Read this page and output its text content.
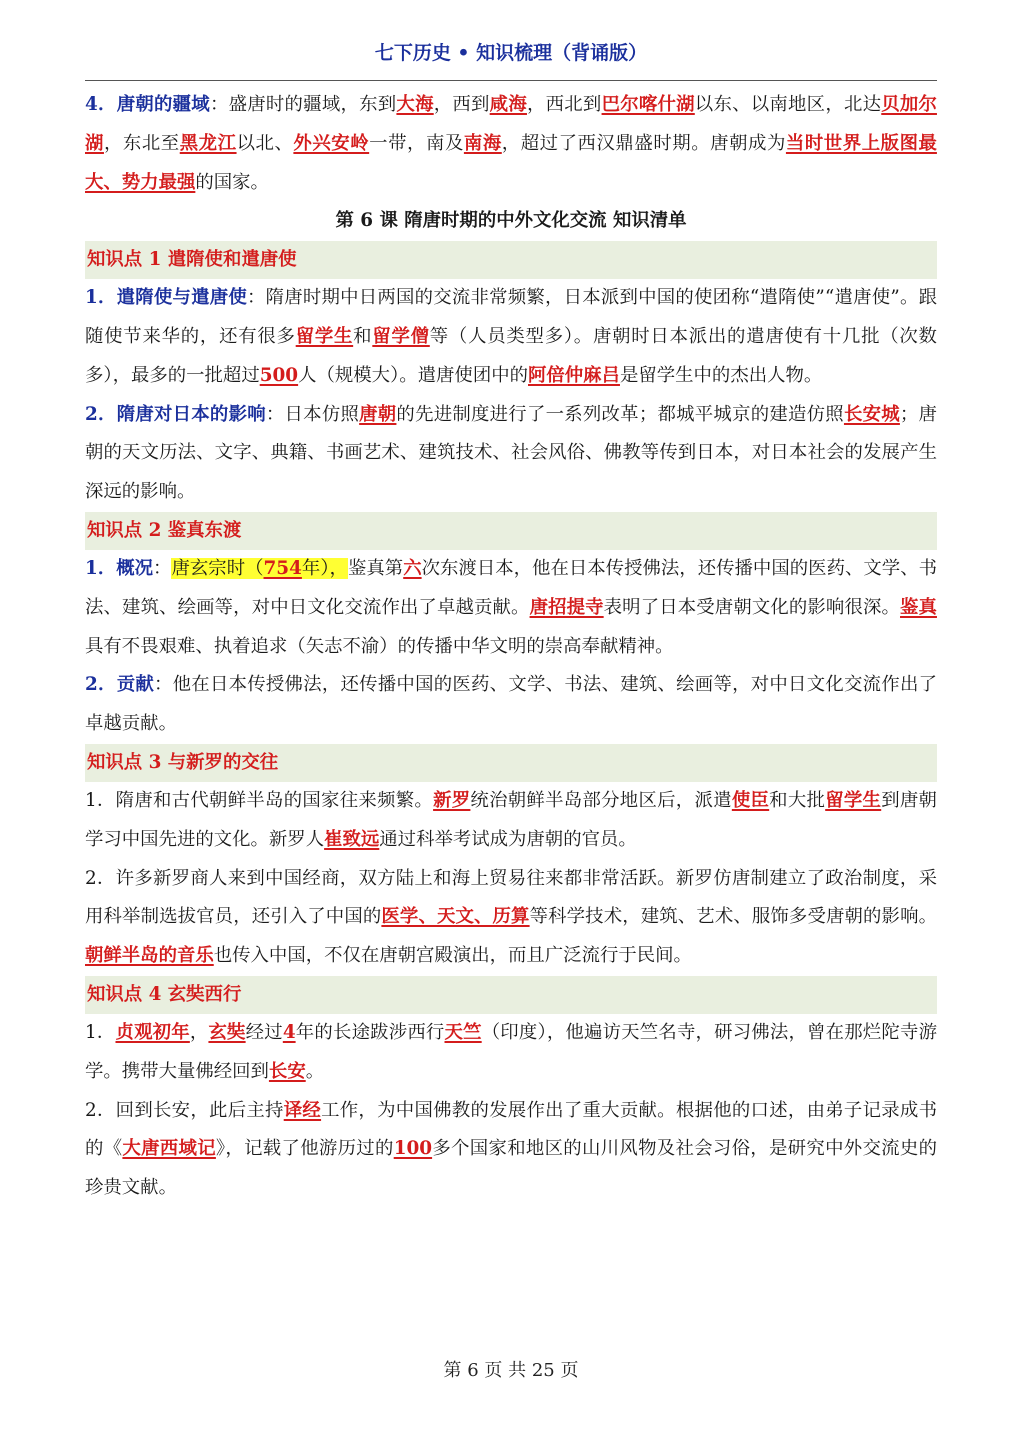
七下历史 • 知识梳理（背诵版）

4．唐朝的疆域：盛唐时的疆域，东到大海，西到咸海，西北到巴尔喀什湖以东、以南地区，北达贝加尔湖，东北至黑龙江以北、外兴安岭一带，南及南海，超过了西汉鼎盛时期。唐朝成为当时世界上版图最大、势力最强的国家。

第 6 课 隋唐时期的中外文化交流 知识清单
知识点 1 遣隋使和遣唐使

1．遣隋使与遣唐使：隋唐时期中日两国的交流非常频繁，日本派到中国的使团称“遣隋使”“遣唐使”。跟随使节来华的，还有很多留学生和留学僧等（人员类型多）。唐朝时日本派出的遣唐使有十几批（次数多），最多的一批超过500人（规模大）。遣唐使团中的阿倍仲麻吕是留学生中的杰出人物。

2．隋唐对日本的影响：日本仿照唐朝的先进制度进行了一系列改革；都城平城京的建造仿照长安城；唐朝的天文历法、文字、典籍、书画艺术、建筑技术、社会风俗、佛教等传到日本，对日本社会的发展产生深远的影响。

知识点 2 鉴真东渡

1．概况：唐玄宗时（754年），鉴真第六次东渡日本，他在日本传授佛法，还传播中国的医药、文学、书法、建筑、绘画等，对中日文化交流作出了卓越贡献。唐招提寺表明了日本受唐朝文化的影响很深。鉴真具有不畏艰难、执着追求（矢志不渝）的传播中华文明的崇高奉献精神。

2．贡献：他在日本传授佛法，还传播中国的医药、文学、书法、建筑、绘画等，对中日文化交流作出了卓越贡献。

知识点 3 与新罗的交往

1．隋唐和古代朝鲜半岛的国家往来频繁。新罗统治朝鲜半岛部分地区后，派遣使臣和大批留学生到唐朝学习中国先进的文化。新罗人崔致远通过科举考试成为唐朝的官员。

2．许多新罗商人来到中国经商，双方陆上和海上贸易往来都非常活跃。新罗仿唐制建立了政治制度，采用科举制选拔官员，还引入了中国的医学、天文、历算等科学技术，建筑、艺术、服饰多受唐朝的影响。朝鲜半岛的音乐也传入中国，不仅在唐朝宫殿演出，而且广泛流行于民间。

知识点 4 玄奘西行

1．贞观初年，玄奘经过4年的长途跋涉西行天竺（印度），他遍访天竺名寺，研习佛法，曾在那烂陀寺游学。携带大量佛经回到长安。

2．回到长安，此后主持译经工作，为中国佛教的发展作出了重大贡献。根据他的口述，由弟子记录成书的《大唐西域记》，记载了他游历过的100多个国家和地区的山川风物及社会习俗，是研究中外交流史的珍贵文献。

第 6 页 共 25 页
